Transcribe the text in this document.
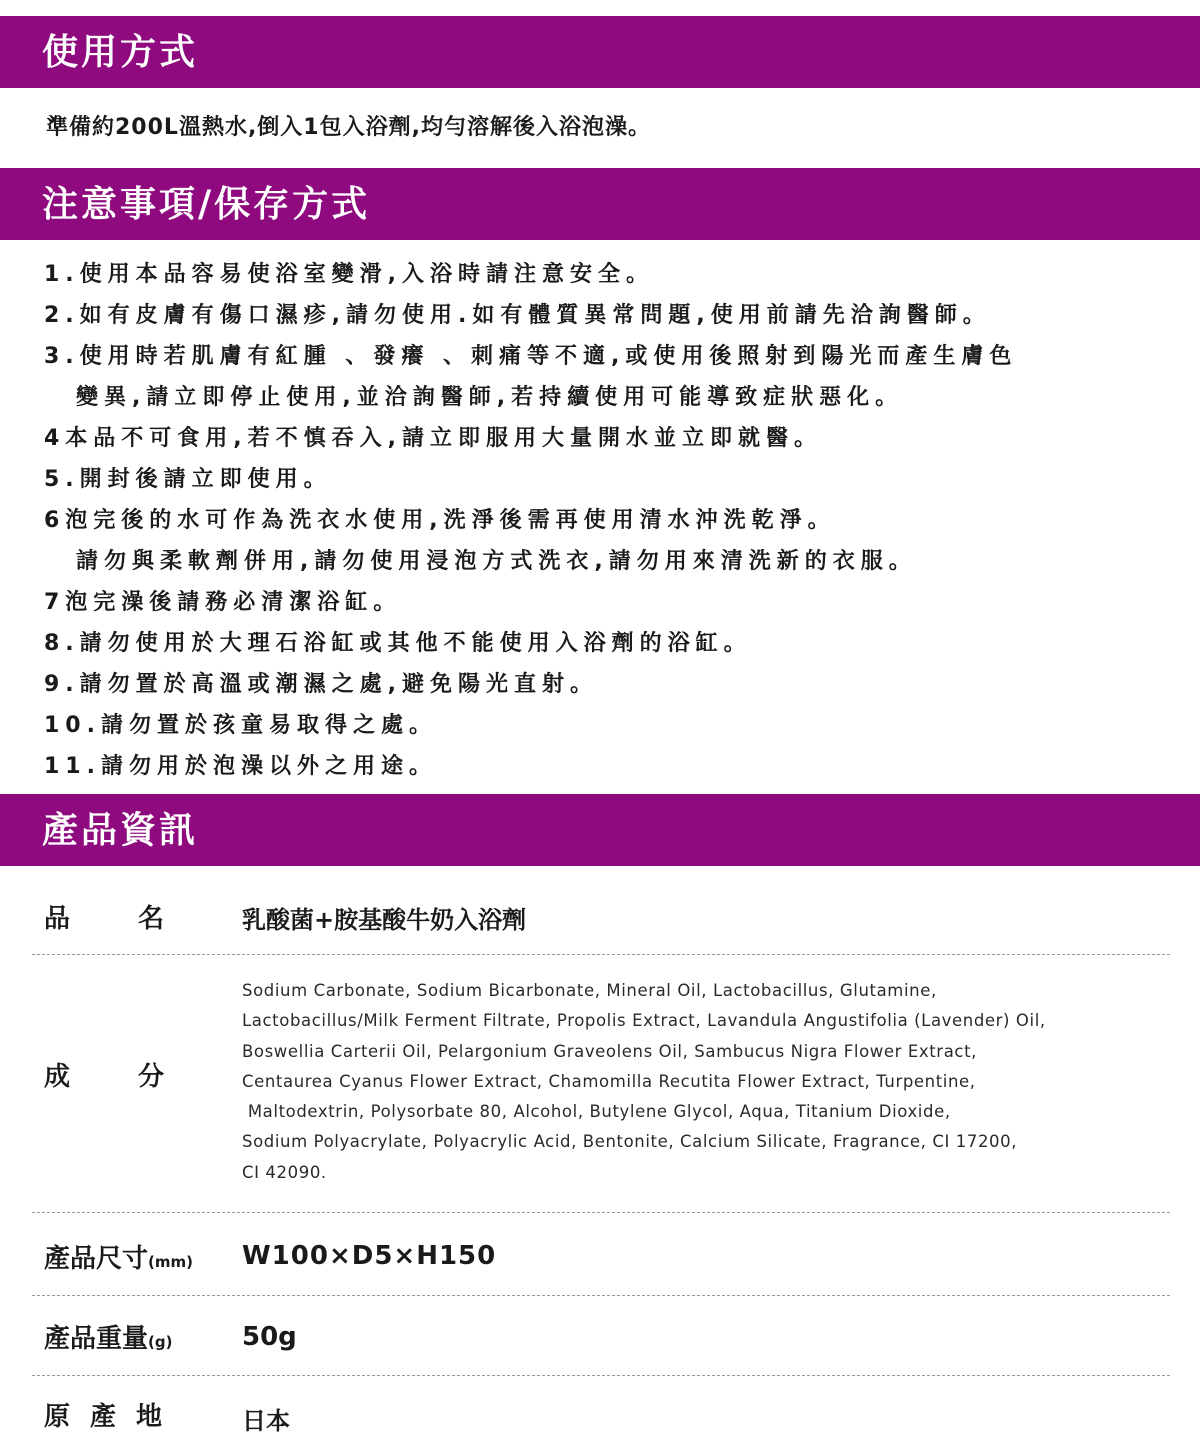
使用方式
準備約200L溫熱水,倒入1包入浴劑,均勻溶解後入浴泡澡。
注意事項/保存方式
1.使用本品容易使浴室變滑,入浴時請注意安全。
2.如有皮膚有傷口濕疹,請勿使用.如有體質異常問題,使用前請先洽詢醫師。
3.使用時若肌膚有紅腫 、發癢 、刺痛等不適,或使用後照射到陽光而產生膚色
變異,請立即停止使用,並洽詢醫師,若持續使用可能導致症狀惡化。
4本品不可食用,若不慎吞入,請立即服用大量開水並立即就醫。
5.開封後請立即使用。
6泡完後的水可作為洗衣水使用,洗淨後需再使用清水沖洗乾淨。
請勿與柔軟劑併用,請勿使用浸泡方式洗衣,請勿用來清洗新的衣服。
7泡完澡後請務必清潔浴缸。
8.請勿使用於大理石浴缸或其他不能使用入浴劑的浴缸。
9.請勿置於高溫或潮濕之處,避免陽光直射。
10.請勿置於孩童易取得之處。
11.請勿用於泡澡以外之用途。
產品資訊
品	名	乳酸菌+胺基酸牛奶入浴劑
成	分
Sodium Carbonate, Sodium Bicarbonate, Mineral Oil, Lactobacillus, Glutamine,
Lactobacillus/Milk Ferment Filtrate, Propolis Extract, Lavandula Angustifolia (Lavender) Oil,
Boswellia Carterii Oil, Pelargonium Graveolens Oil, Sambucus Nigra Flower Extract,
Centaurea Cyanus Flower Extract, Chamomilla Recutita Flower Extract, Turpentine,
Maltodextrin, Polysorbate 80, Alcohol, Butylene Glycol, Aqua, Titanium Dioxide,
Sodium Polyacrylate, Polyacrylic Acid, Bentonite, Calcium Silicate, Fragrance, CI 17200,
CI 42090.
產品尺寸(mm) W100×D5×H150
產品重量(g)	50g
原 產 地	日本
